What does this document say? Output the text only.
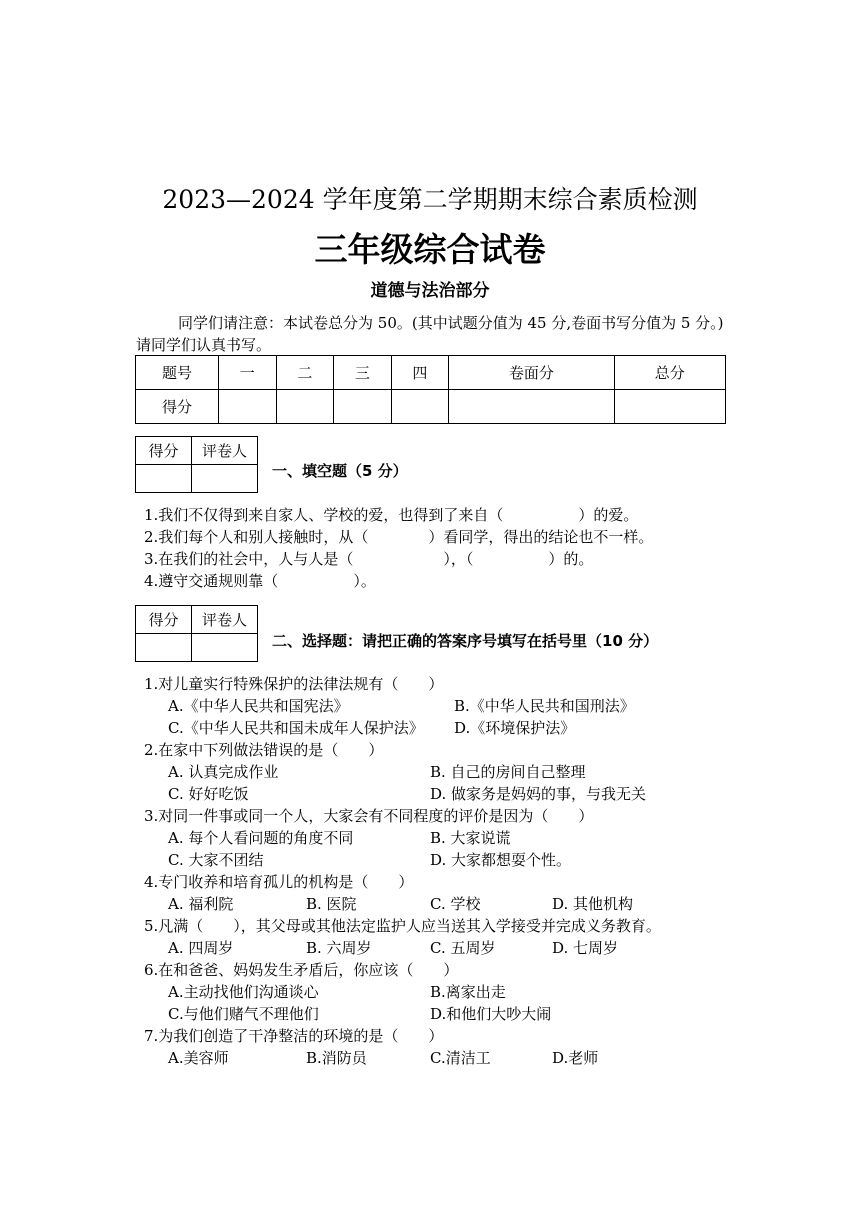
2023—2024 学年度第二学期期末综合素质检测
三年级综合试卷
道德与法治部分
同学们请注意：本试卷总分为 50。(其中试题分值为 45 分,卷面书写分值为 5 分。)请同学们认真书写。
题号	一	二	三	四	卷面分	总分
得分						
得分	评卷人

一、填空题（5 分）
1.我们不仅得到来自家人、学校的爱，也得到了来自（　　　　　）的爱。
2.我们每个人和别人接触时，从（　　　　）看同学，得出的结论也不一样。
3.在我们的社会中，人与人是（　　　　　　），（　　　　　）的。
4.遵守交通规则靠（　　　　　）。
得分	评卷人

二、选择题：请把正确的答案序号填写在括号里（10 分）
1.对儿童实行特殊保护的法律法规有（　　）
A.《中华人民共和国宪法》	B.《中华人民共和国刑法》
C.《中华人民共和国未成年人保护法》 D.《环境保护法》
2.在家中下列做法错误的是（　　）
A. 认真完成作业	B. 自己的房间自己整理
C. 好好吃饭	D. 做家务是妈妈的事，与我无关
3.对同一件事或同一个人，大家会有不同程度的评价是因为（　　）
A. 每个人看问题的角度不同	B. 大家说谎
C. 大家不团结	D. 大家都想耍个性。
4.专门收养和培育孤儿的机构是（　　）
A. 福利院	B. 医院	C. 学校	D. 其他机构
5.凡满（　　），其父母或其他法定监护人应当送其入学接受并完成义务教育。
A. 四周岁	B. 六周岁	C. 五周岁	D. 七周岁
6.在和爸爸、妈妈发生矛盾后，你应该（　　）
A.主动找他们沟通谈心	B.离家出走
C.与他们赌气不理他们	D.和他们大吵大闹
7.为我们创造了干净整洁的环境的是（　　）
A.美容师	B.消防员	C.清洁工	D.老师
